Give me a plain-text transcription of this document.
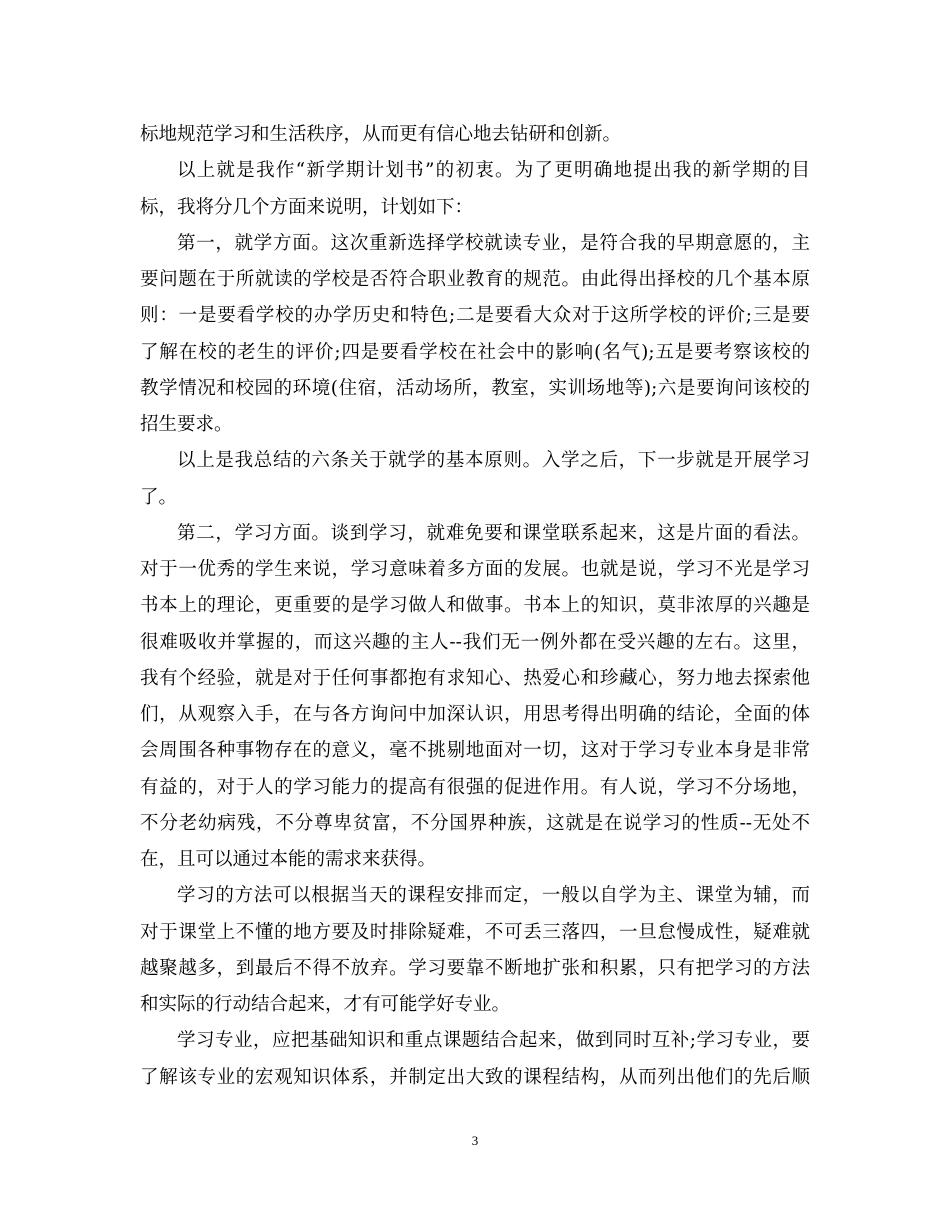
标地规范学习和生活秩序，从而更有信心地去钻研和创新。
以上就是我作“新学期计划书”的初衷。为了更明确地提出我的新学期的目
标，我将分几个方面来说明，计划如下：
第一，就学方面。这次重新选择学校就读专业，是符合我的早期意愿的，主
要问题在于所就读的学校是否符合职业教育的规范。由此得出择校的几个基本原
则：一是要看学校的办学历史和特色;二是要看大众对于这所学校的评价;三是要
了解在校的老生的评价;四是要看学校在社会中的影响(名气);五是要考察该校的
教学情况和校园的环境(住宿，活动场所，教室，实训场地等);六是要询问该校的
招生要求。
以上是我总结的六条关于就学的基本原则。入学之后，下一步就是开展学习
了。
第二，学习方面。谈到学习，就难免要和课堂联系起来，这是片面的看法。
对于一优秀的学生来说，学习意味着多方面的发展。也就是说，学习不光是学习
书本上的理论，更重要的是学习做人和做事。书本上的知识，莫非浓厚的兴趣是
很难吸收并掌握的，而这兴趣的主人--我们无一例外都在受兴趣的左右。这里，
我有个经验，就是对于任何事都抱有求知心、热爱心和珍藏心，努力地去探索他
们，从观察入手，在与各方询问中加深认识，用思考得出明确的结论，全面的体
会周围各种事物存在的意义，毫不挑剔地面对一切，这对于学习专业本身是非常
有益的，对于人的学习能力的提高有很强的促进作用。有人说，学习不分场地，
不分老幼病残，不分尊卑贫富，不分国界种族，这就是在说学习的性质--无处不
在，且可以通过本能的需求来获得。
学习的方法可以根据当天的课程安排而定，一般以自学为主、课堂为辅，而
对于课堂上不懂的地方要及时排除疑难，不可丢三落四，一旦怠慢成性，疑难就
越聚越多，到最后不得不放弃。学习要靠不断地扩张和积累，只有把学习的方法
和实际的行动结合起来，才有可能学好专业。
学习专业，应把基础知识和重点课题结合起来，做到同时互补;学习专业，要
了解该专业的宏观知识体系，并制定出大致的课程结构，从而列出他们的先后顺
3
